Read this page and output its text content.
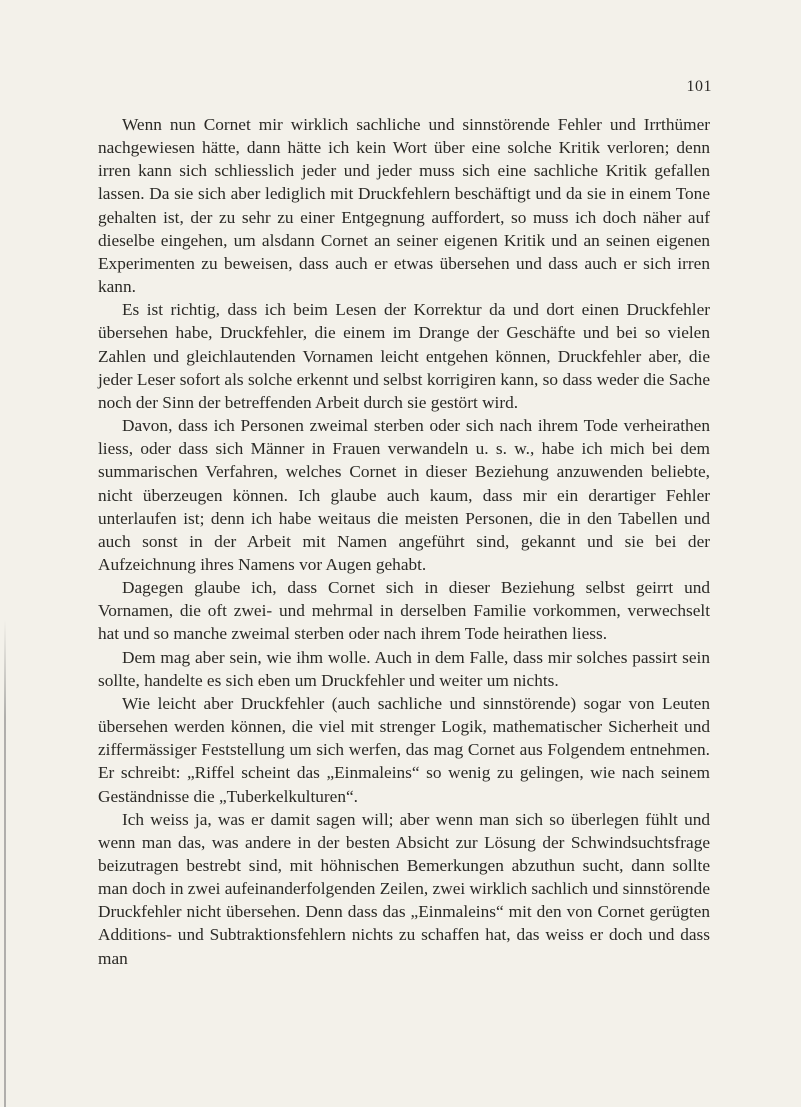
101

Wenn nun Cornet mir wirklich sachliche und sinnstörende Fehler und Irrthümer nachgewiesen hätte, dann hätte ich kein Wort über eine solche Kritik verloren; denn irren kann sich schliesslich jeder und jeder muss sich eine sachliche Kritik gefallen lassen. Da sie sich aber lediglich mit Druckfehlern beschäftigt und da sie in einem Tone gehalten ist, der zu sehr zu einer Entgegnung auffordert, so muss ich doch näher auf dieselbe eingehen, um alsdann Cornet an seiner eigenen Kritik und an seinen eigenen Experimenten zu beweisen, dass auch er etwas übersehen und dass auch er sich irren kann.

Es ist richtig, dass ich beim Lesen der Korrektur da und dort einen Druckfehler übersehen habe, Druckfehler, die einem im Drange der Geschäfte und bei so vielen Zahlen und gleichlautenden Vornamen leicht entgehen können, Druckfehler aber, die jeder Leser sofort als solche erkennt und selbst korrigiren kann, so dass weder die Sache noch der Sinn der betreffenden Arbeit durch sie gestört wird.

Davon, dass ich Personen zweimal sterben oder sich nach ihrem Tode verheirathen liess, oder dass sich Männer in Frauen verwandeln u. s. w., habe ich mich bei dem summarischen Verfahren, welches Cornet in dieser Beziehung anzuwenden beliebte, nicht überzeugen können. Ich glaube auch kaum, dass mir ein derartiger Fehler unterlaufen ist; denn ich habe weitaus die meisten Personen, die in den Tabellen und auch sonst in der Arbeit mit Namen angeführt sind, gekannt und sie bei der Aufzeichnung ihres Namens vor Augen gehabt.

Dagegen glaube ich, dass Cornet sich in dieser Beziehung selbst geirrt und Vornamen, die oft zwei- und mehrmal in derselben Familie vorkommen, verwechselt hat und so manche zweimal sterben oder nach ihrem Tode heirathen liess.

Dem mag aber sein, wie ihm wolle. Auch in dem Falle, dass mir solches passirt sein sollte, handelte es sich eben um Druckfehler und weiter um nichts.

Wie leicht aber Druckfehler (auch sachliche und sinnstörende) sogar von Leuten übersehen werden können, die viel mit strenger Logik, mathematischer Sicherheit und ziffermässiger Feststellung um sich werfen, das mag Cornet aus Folgendem entnehmen. Er schreibt: „Riffel scheint das „Einmaleins“ so wenig zu gelingen, wie nach seinem Geständnisse die „Tuberkelkulturen“.

Ich weiss ja, was er damit sagen will; aber wenn man sich so überlegen fühlt und wenn man das, was andere in der besten Absicht zur Lösung der Schwindsuchtsfrage beizutragen bestrebt sind, mit höhnischen Bemerkungen abzuthun sucht, dann sollte man doch in zwei aufeinanderfolgenden Zeilen, zwei wirklich sachlich und sinnstörende Druckfehler nicht übersehen. Denn dass das „Einmaleins“ mit den von Cornet gerügten Additions- und Subtraktionsfehlern nichts zu schaffen hat, das weiss er doch und dass man
